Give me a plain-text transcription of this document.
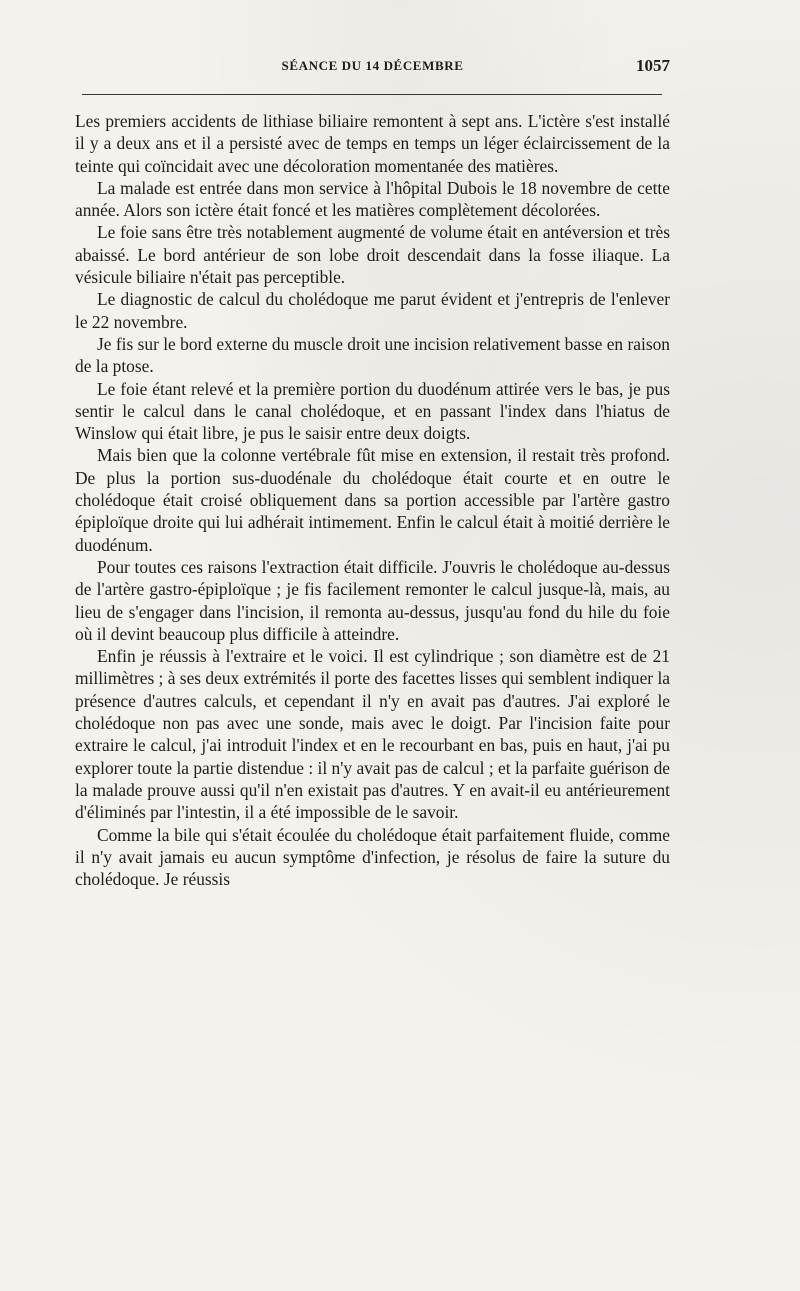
SÉANCE DU 14 DÉCEMBRE	1057

Les premiers accidents de lithiase biliaire remontent à sept ans. L'ictère s'est installé il y a deux ans et il a persisté avec de temps en temps un léger éclaircissement de la teinte qui coïncidait avec une décoloration momentanée des matières.

La malade est entrée dans mon service à l'hôpital Dubois le 18 novembre de cette année. Alors son ictère était foncé et les matières complètement décolorées.

Le foie sans être très notablement augmenté de volume était en antéversion et très abaissé. Le bord antérieur de son lobe droit descendait dans la fosse iliaque. La vésicule biliaire n'était pas perceptible.

Le diagnostic de calcul du cholédoque me parut évident et j'entrepris de l'enlever le 22 novembre.

Je fis sur le bord externe du muscle droit une incision relativement basse en raison de la ptose.

Le foie étant relevé et la première portion du duodénum attirée vers le bas, je pus sentir le calcul dans le canal cholédoque, et en passant l'index dans l'hiatus de Winslow qui était libre, je pus le saisir entre deux doigts.

Mais bien que la colonne vertébrale fût mise en extension, il restait très profond. De plus la portion sus-duodénale du cholédoque était courte et en outre le cholédoque était croisé obliquement dans sa portion accessible par l'artère gastro épiploïque droite qui lui adhérait intimement. Enfin le calcul était à moitié derrière le duodénum.

Pour toutes ces raisons l'extraction était difficile. J'ouvris le cholédoque au-dessus de l'artère gastro-épiploïque ; je fis facilement remonter le calcul jusque-là, mais, au lieu de s'engager dans l'incision, il remonta au-dessus, jusqu'au fond du hile du foie où il devint beaucoup plus difficile à atteindre.

Enfin je réussis à l'extraire et le voici. Il est cylindrique ; son diamètre est de 21 millimètres ; à ses deux extrémités il porte des facettes lisses qui semblent indiquer la présence d'autres calculs, et cependant il n'y en avait pas d'autres. J'ai exploré le cholédoque non pas avec une sonde, mais avec le doigt. Par l'incision faite pour extraire le calcul, j'ai introduit l'index et en le recourbant en bas, puis en haut, j'ai pu explorer toute la partie distendue : il n'y avait pas de calcul ; et la parfaite guérison de la malade prouve aussi qu'il n'en existait pas d'autres. Y en avait-il eu antérieurement d'éliminés par l'intestin, il a été impossible de le savoir.

Comme la bile qui s'était écoulée du cholédoque était parfaitement fluide, comme il n'y avait jamais eu aucun symptôme d'infection, je résolus de faire la suture du cholédoque. Je réussis
